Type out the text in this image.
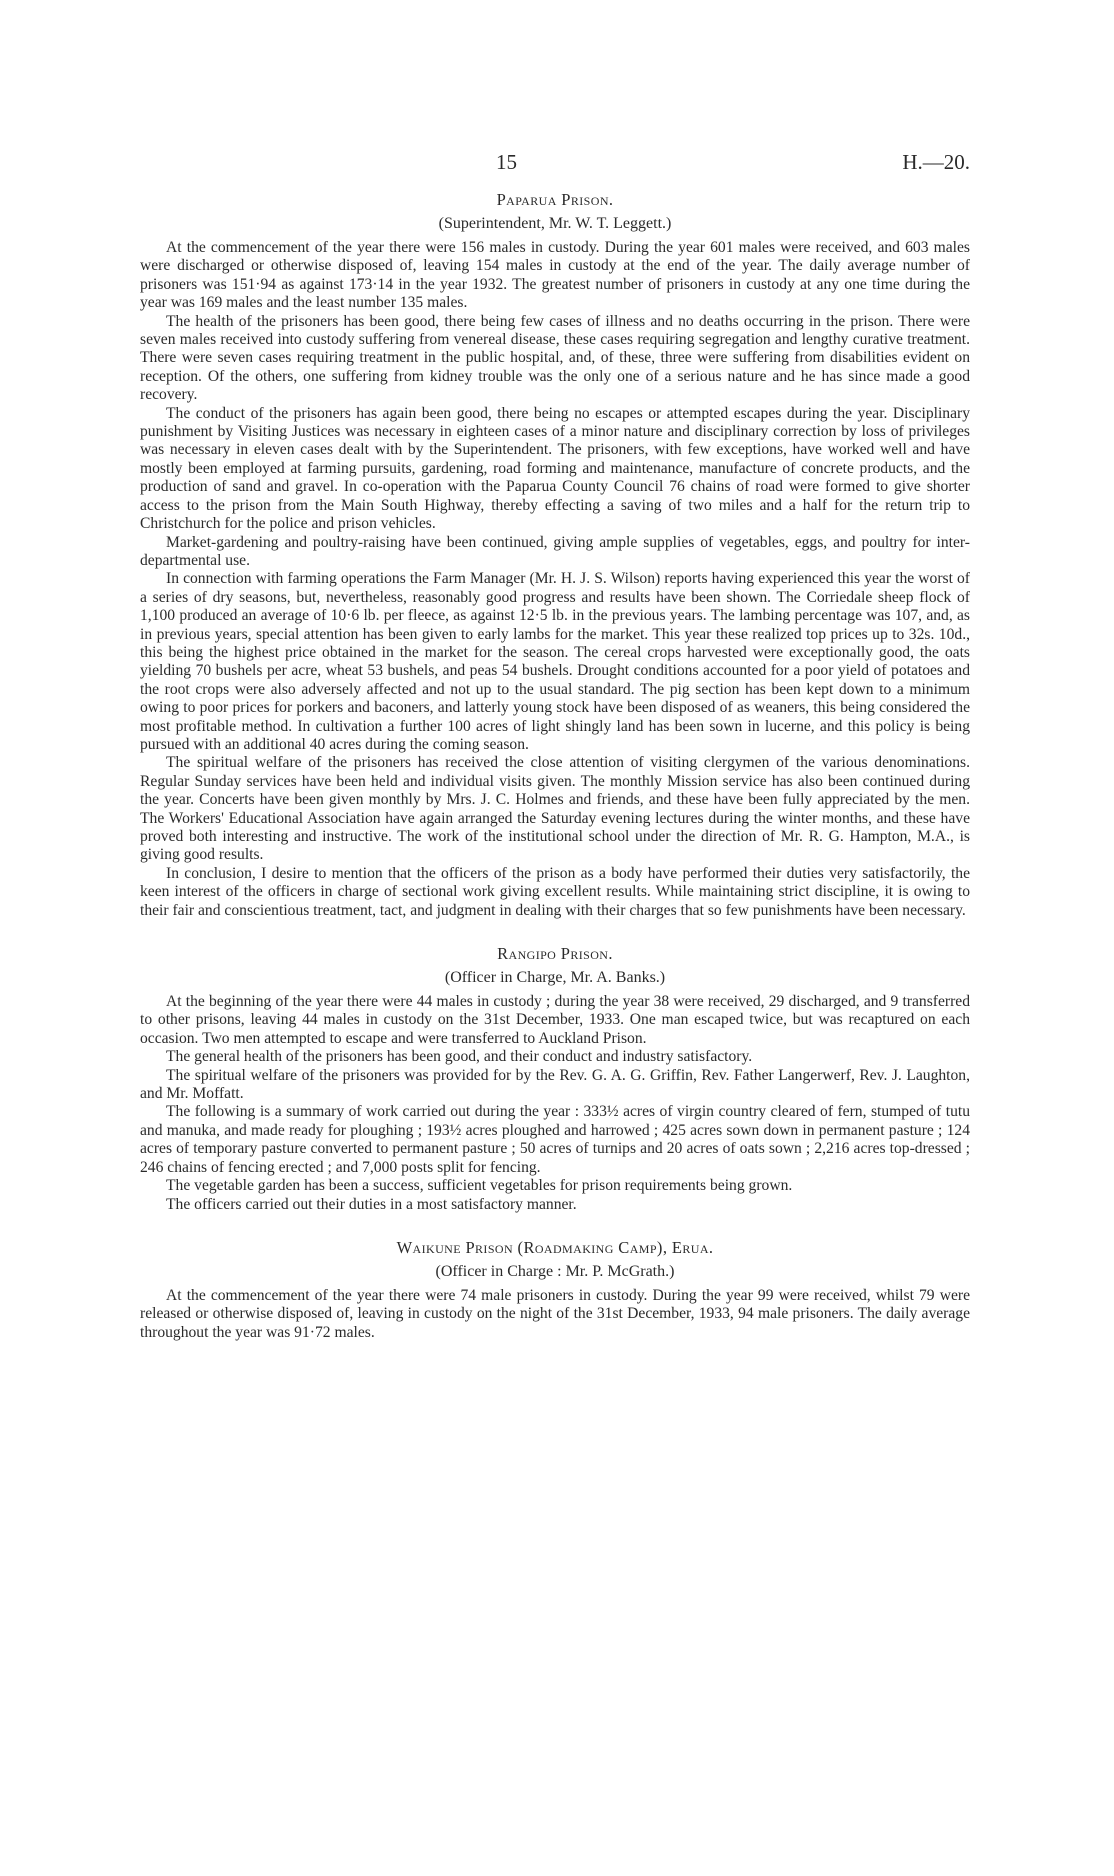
15	H.—20.
Paparua Prison.
(Superintendent, Mr. W. T. Leggett.)

At the commencement of the year there were 156 males in custody. During the year 601 males were received, and 603 males were discharged or otherwise disposed of, leaving 154 males in custody at the end of the year. The daily average number of prisoners was 151·94 as against 173·14 in the year 1932. The greatest number of prisoners in custody at any one time during the year was 169 males and the least number 135 males.

The health of the prisoners has been good, there being few cases of illness and no deaths occurring in the prison. There were seven males received into custody suffering from venereal disease, these cases requiring segregation and lengthy curative treatment. There were seven cases requiring treatment in the public hospital, and, of these, three were suffering from disabilities evident on reception. Of the others, one suffering from kidney trouble was the only one of a serious nature and he has since made a good recovery.

The conduct of the prisoners has again been good, there being no escapes or attempted escapes during the year. Disciplinary punishment by Visiting Justices was necessary in eighteen cases of a minor nature and disciplinary correction by loss of privileges was necessary in eleven cases dealt with by the Superintendent. The prisoners, with few exceptions, have worked well and have mostly been employed at farming pursuits, gardening, road forming and maintenance, manufacture of concrete products, and the production of sand and gravel. In co-operation with the Paparua County Council 76 chains of road were formed to give shorter access to the prison from the Main South Highway, thereby effecting a saving of two miles and a half for the return trip to Christchurch for the police and prison vehicles.

Market-gardening and poultry-raising have been continued, giving ample supplies of vegetables, eggs, and poultry for inter-departmental use.

In connection with farming operations the Farm Manager (Mr. H. J. S. Wilson) reports having experienced this year the worst of a series of dry seasons, but, nevertheless, reasonably good progress and results have been shown. The Corriedale sheep flock of 1,100 produced an average of 10·6 lb. per fleece, as against 12·5 lb. in the previous years. The lambing percentage was 107, and, as in previous years, special attention has been given to early lambs for the market. This year these realized top prices up to 32s. 10d., this being the highest price obtained in the market for the season. The cereal crops harvested were exceptionally good, the oats yielding 70 bushels per acre, wheat 53 bushels, and peas 54 bushels. Drought conditions accounted for a poor yield of potatoes and the root crops were also adversely affected and not up to the usual standard. The pig section has been kept down to a minimum owing to poor prices for porkers and baconers, and latterly young stock have been disposed of as weaners, this being considered the most profitable method. In cultivation a further 100 acres of light shingly land has been sown in lucerne, and this policy is being pursued with an additional 40 acres during the coming season.

The spiritual welfare of the prisoners has received the close attention of visiting clergymen of the various denominations. Regular Sunday services have been held and individual visits given. The monthly Mission service has also been continued during the year. Concerts have been given monthly by Mrs. J. C. Holmes and friends, and these have been fully appreciated by the men. The Workers' Educational Association have again arranged the Saturday evening lectures during the winter months, and these have proved both interesting and instructive. The work of the institutional school under the direction of Mr. R. G. Hampton, M.A., is giving good results.

In conclusion, I desire to mention that the officers of the prison as a body have performed their duties very satisfactorily, the keen interest of the officers in charge of sectional work giving excellent results. While maintaining strict discipline, it is owing to their fair and conscientious treatment, tact, and judgment in dealing with their charges that so few punishments have been necessary.

Rangipo Prison.
(Officer in Charge, Mr. A. Banks.)

At the beginning of the year there were 44 males in custody ; during the year 38 were received, 29 discharged, and 9 transferred to other prisons, leaving 44 males in custody on the 31st December, 1933. One man escaped twice, but was recaptured on each occasion. Two men attempted to escape and were transferred to Auckland Prison.

The general health of the prisoners has been good, and their conduct and industry satisfactory.

The spiritual welfare of the prisoners was provided for by the Rev. G. A. G. Griffin, Rev. Father Langerwerf, Rev. J. Laughton, and Mr. Moffatt.

The following is a summary of work carried out during the year : 333½ acres of virgin country cleared of fern, stumped of tutu and manuka, and made ready for ploughing ; 193½ acres ploughed and harrowed ; 425 acres sown down in permanent pasture ; 124 acres of temporary pasture converted to permanent pasture ; 50 acres of turnips and 20 acres of oats sown ; 2,216 acres top-dressed ; 246 chains of fencing erected ; and 7,000 posts split for fencing.

The vegetable garden has been a success, sufficient vegetables for prison requirements being grown.

The officers carried out their duties in a most satisfactory manner.

Waikune Prison (Roadmaking Camp), Erua.
(Officer in Charge : Mr. P. McGrath.)

At the commencement of the year there were 74 male prisoners in custody. During the year 99 were received, whilst 79 were released or otherwise disposed of, leaving in custody on the night of the 31st December, 1933, 94 male prisoners. The daily average throughout the year was 91·72 males.
